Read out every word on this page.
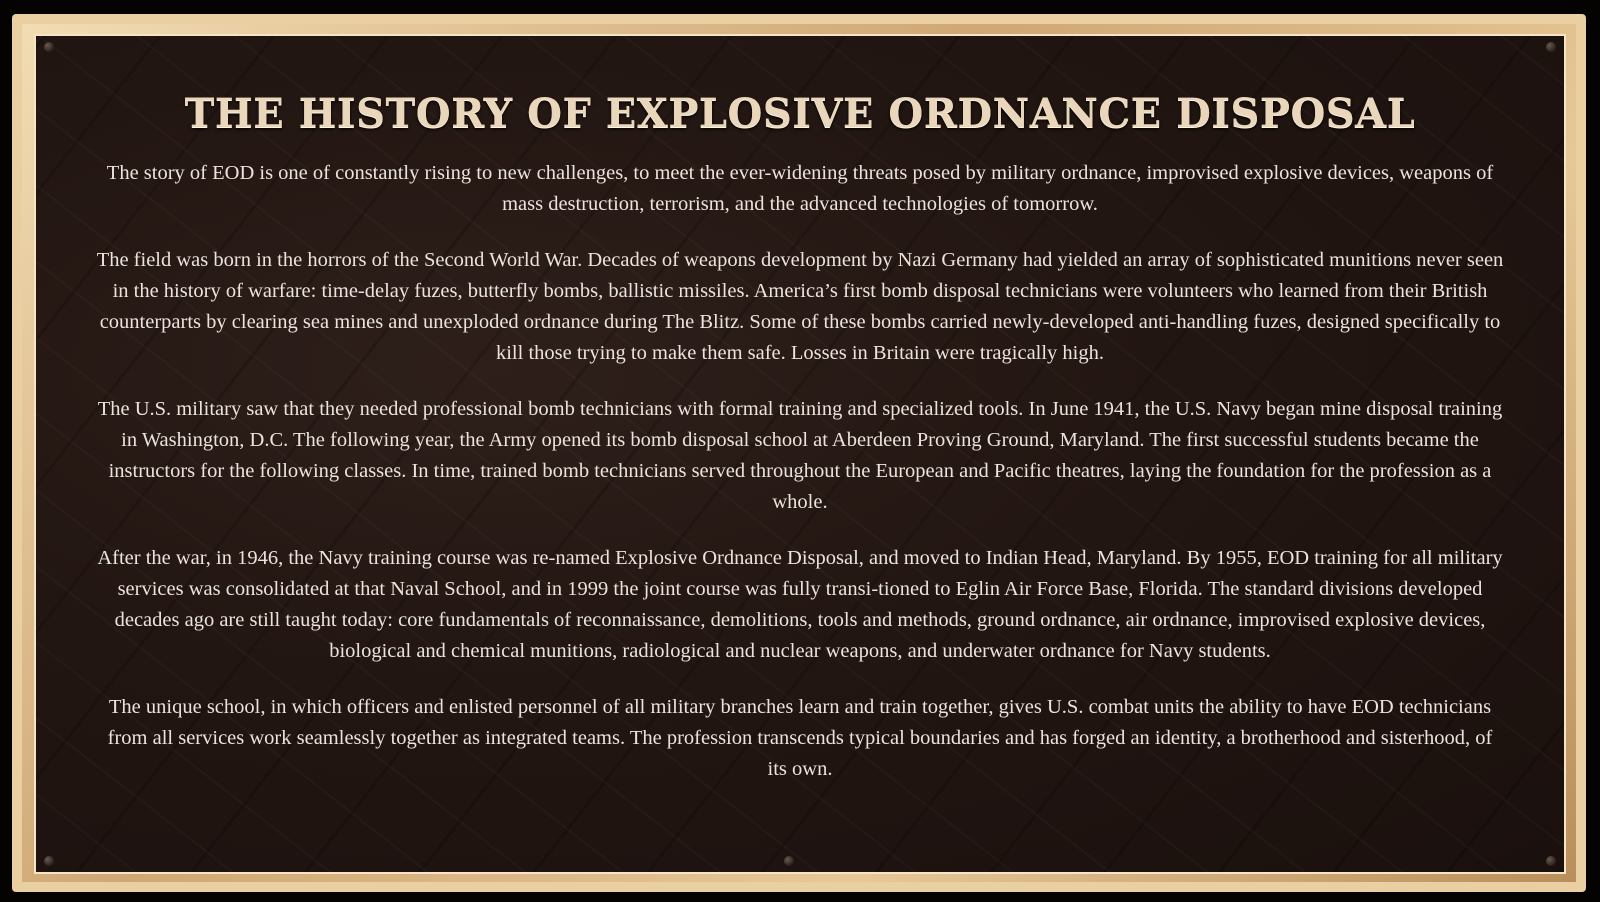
THE HISTORY OF EXPLOSIVE ORDNANCE DISPOSAL

The story of EOD is one of constantly rising to new challenges, to meet the ever-widening threats posed by military ordnance, improvised explosive devices, weapons of mass destruction, terrorism, and the advanced technologies of tomorrow.

The field was born in the horrors of the Second World War. Decades of weapons development by Nazi Germany had yielded an array of sophisticated munitions never seen in the history of warfare: time-delay fuzes, butterfly bombs, ballistic missiles. America’s first bomb disposal technicians were volunteers who learned from their British counterparts by clearing sea mines and unexploded ordnance during The Blitz. Some of these bombs carried newly-developed anti-handling fuzes, designed specifically to kill those trying to make them safe. Losses in Britain were tragically high.

The U.S. military saw that they needed professional bomb technicians with formal training and specialized tools. In June 1941, the U.S. Navy began mine disposal training in Washington, D.C. The following year, the Army opened its bomb disposal school at Aberdeen Proving Ground, Maryland. The first successful students became the instructors for the following classes. In time, trained bomb technicians served throughout the European and Pacific theatres, laying the foundation for the profession as a whole.

After the war, in 1946, the Navy training course was re-named Explosive Ordnance Disposal, and moved to Indian Head, Maryland. By 1955, EOD training for all military services was consolidated at that Naval School, and in 1999 the joint course was fully transi-tioned to Eglin Air Force Base, Florida. The standard divisions developed decades ago are still taught today: core fundamentals of reconnaissance, demolitions, tools and methods, ground ordnance, air ordnance, improvised explosive devices, biological and chemical munitions, radiological and nuclear weapons, and underwater ordnance for Navy students.

The unique school, in which officers and enlisted personnel of all military branches learn and train together, gives U.S. combat units the ability to have EOD technicians from all services work seamlessly together as integrated teams. The profession transcends typical boundaries and has forged an identity, a brotherhood and sisterhood, of its own.
